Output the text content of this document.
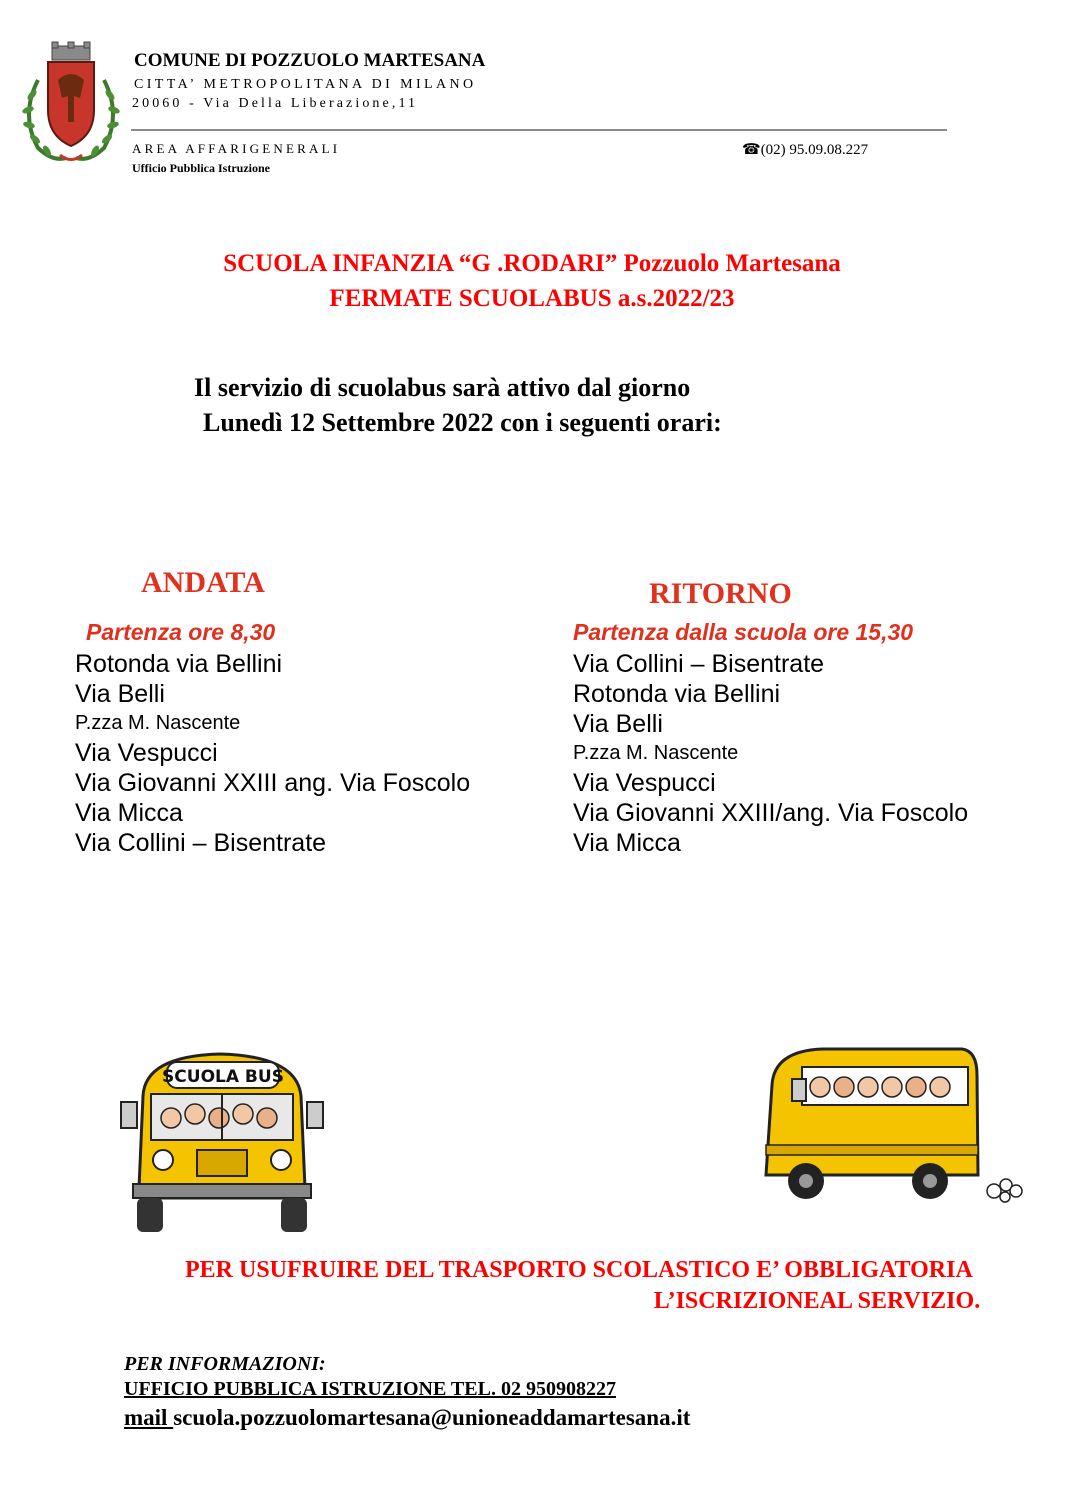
COMUNE DI POZZUOLO MARTESANA
CITTA’ METROPOLITANA DI MILANO
20060 - Via Della Liberazione,11
AREA AFFARIGENERALI
Ufficio Pubblica Istruzione
☎(02) 95.09.08.227
SCUOLA INFANZIA “G .RODARI” Pozzuolo Martesana
FERMATE SCUOLABUS a.s.2022/23
Il servizio di scuolabus sarà attivo dal giorno
Lunedì 12 Settembre 2022 con i seguenti orari:
ANDATA	RITORNO
Partenza ore 8,30	Partenza dalla scuola ore 15,30
Rotonda via Bellini
Via Belli
P.zza M. Nascente
Via Vespucci
Via Giovanni XXIII ang. Via Foscolo
Via Micca
Via Collini – Bisentrate
Via Collini – Bisentrate
Rotonda via Bellini
Via Belli
P.zza M. Nascente
Via Vespucci
Via Giovanni XXIII/ang. Via Foscolo
Via Micca
SCUOLA BUS
PER USUFRUIRE DEL TRASPORTO SCOLASTICO E’ OBBLIGATORIA
L’ISCRIZIONEAL SERVIZIO.
PER INFORMAZIONI:
UFFICIO PUBBLICA ISTRUZIONE TEL. 02 950908227
mail scuola.pozzuolomartesana@unioneaddamartesana.it
